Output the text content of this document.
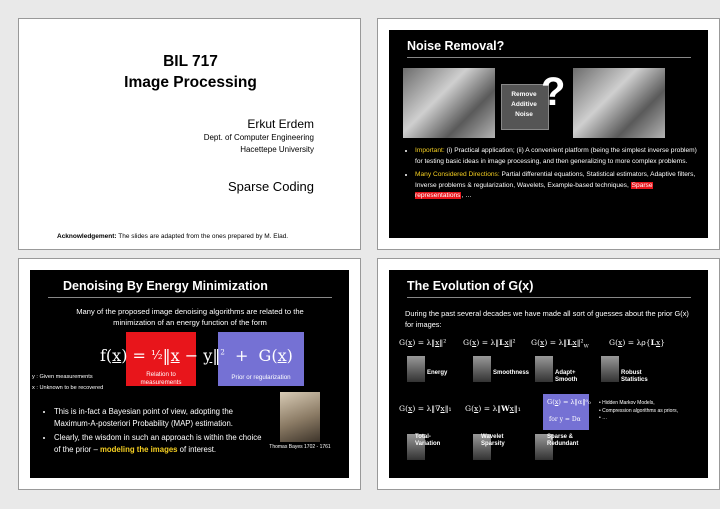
BIL 717
Image Processing
Erkut Erdem
Dept. of Computer Engineering
Hacettepe University
Sparse Coding
Acknowledgement: The slides are adapted from the ones prepared by M. Elad.
Noise Removal?
Remove Additive Noise
?
• Important: (i) Practical application; (ii) A convenient platform (being the simplest inverse problem) for testing basic ideas in image processing, and then generalizing to more complex problems.
• Many Considered Directions: Partial differential equations, Statistical estimators, Adaptive filters, Inverse problems & regularization, Wavelets, Example-based techniques, Sparse representations, …
Denoising By Energy Minimization
Many of the proposed image denoising algorithms are related to the minimization of an energy function of the form
f(x) = ½‖x − y‖$^2$  +  G(x)
Relation to measurements
Prior or regularization
y : Given measurements
x : Unknown to be recovered
• This is in-fact a Bayesian point of view, adopting the Maximum-A-posteriori Probability (MAP) estimation.
• Clearly, the wisdom in such an approach is within the choice of the prior – modeling the images of interest.	Thomas Bayes 1702 - 1761
The Evolution of G(x)
During the past several decades we have made all sort of guesses about the prior G(x) for images:
G(x) = λ‖x‖² G(x) = λ‖Lx‖² $G(x) = \lambda‖Lx‖^2_W$	G(x) = λρ{Lx}
Energy	Smoothness	Adapt+ Smooth
Robust Statistics
G(x) = λ‖∇x‖₁ G(x) = λ‖Wx‖₁
G(x) = λ‖α‖⁰₀
for y = Dα
• Hidden Markov Models,
• Compression algorithms as priors,
• …
Total-Variation
Wavelet Sparsity
Sparse & Redundant
